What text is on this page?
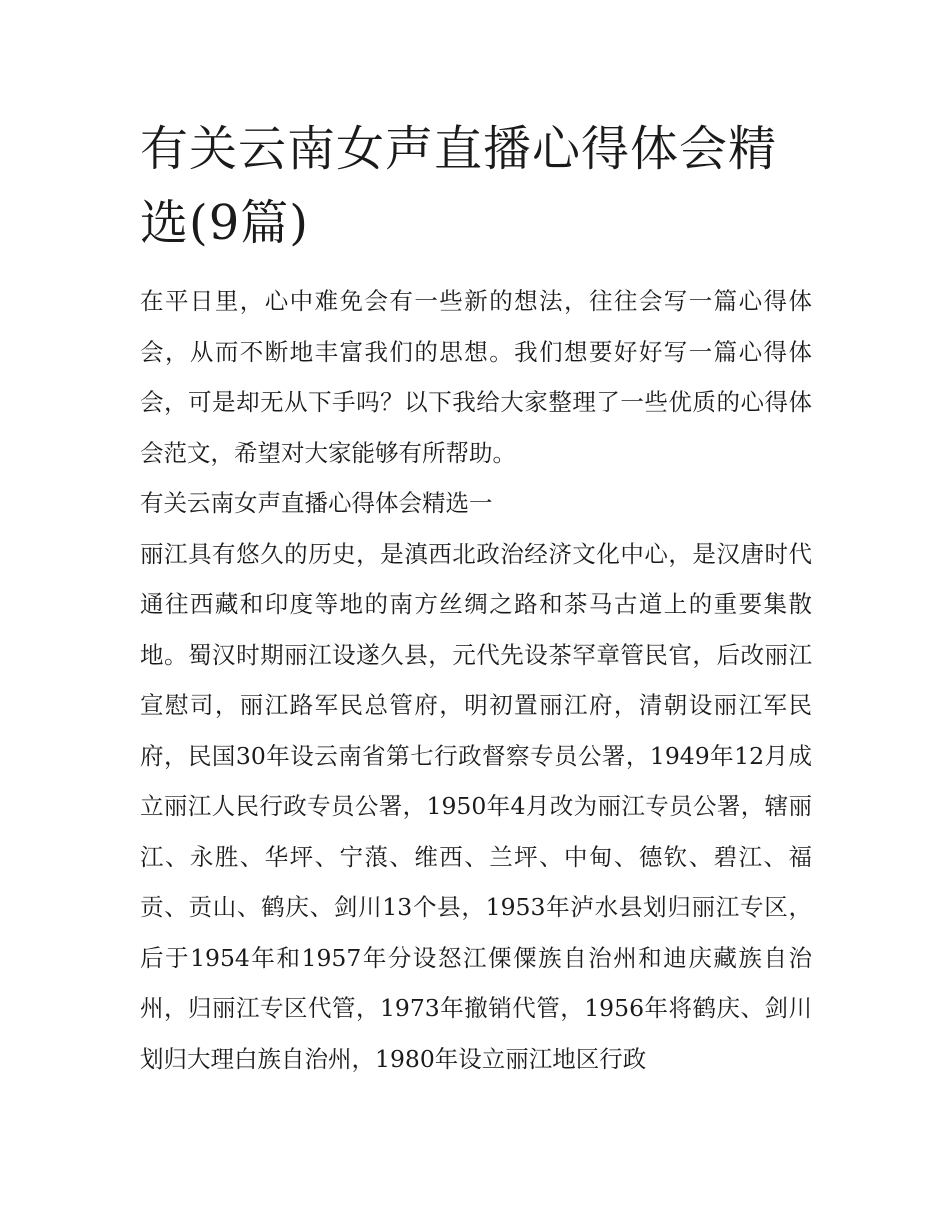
有关云南女声直播心得体会精选(9篇)

在平日里，心中难免会有一些新的想法，往往会写一篇心得体会，从而不断地丰富我们的思想。我们想要好好写一篇心得体会，可是却无从下手吗？以下我给大家整理了一些优质的心得体会范文，希望对大家能够有所帮助。

有关云南女声直播心得体会精选一

丽江具有悠久的历史，是滇西北政治经济文化中心，是汉唐时代通往西藏和印度等地的南方丝绸之路和茶马古道上的重要集散地。蜀汉时期丽江设遂久县，元代先设茶罕章管民官，后改丽江宣慰司，丽江路军民总管府，明初置丽江府，清朝设丽江军民府，民国30年设云南省第七行政督察专员公署，1949年12月成立丽江人民行政专员公署，1950年4月改为丽江专员公署，辖丽江、永胜、华坪、宁蒗、维西、兰坪、中甸、德钦、碧江、福贡、贡山、鹤庆、剑川13个县，1953年泸水县划归丽江专区，后于1954年和1957年分设怒江傈僳族自治州和迪庆藏族自治州，归丽江专区代管，1973年撤销代管，1956年将鹤庆、剑川划归大理白族自治州，1980年设立丽江地区行政
